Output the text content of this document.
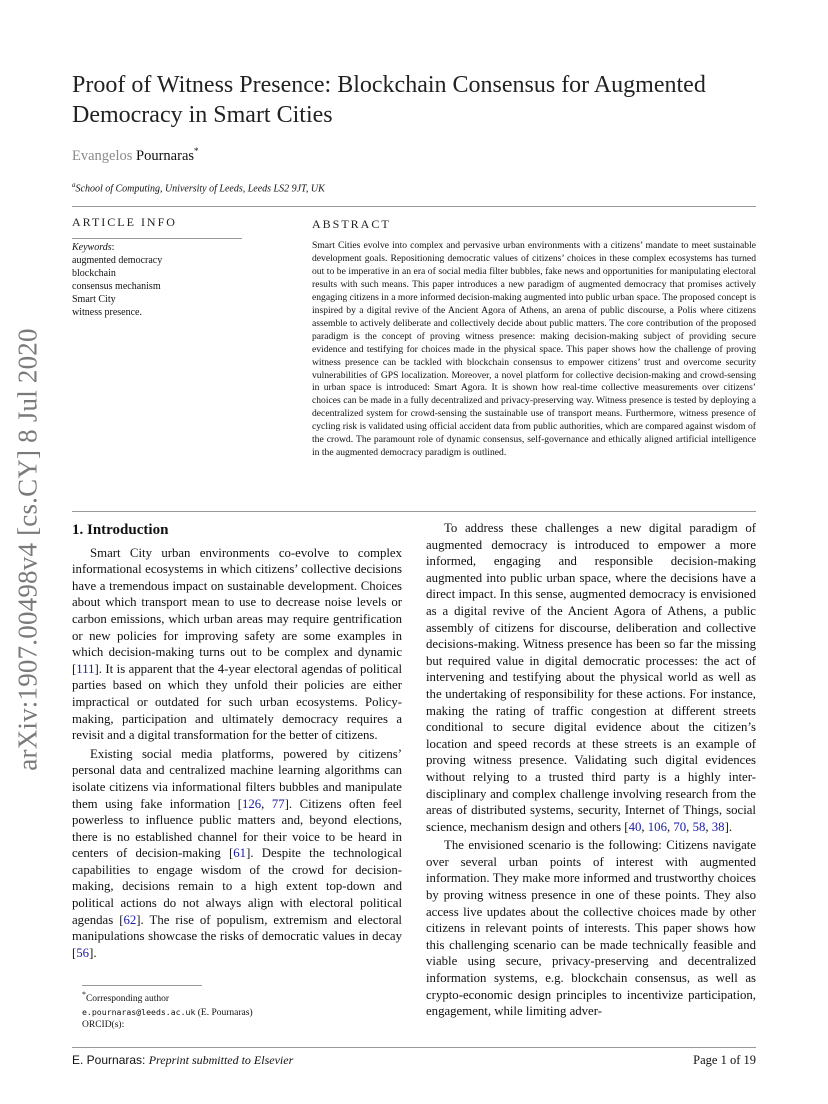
arXiv:1907.00498v4 [cs.CY] 8 Jul 2020
Proof of Witness Presence: Blockchain Consensus for Augmented Democracy in Smart Cities
Evangelos Pournaras*
$^a$School of Computing, University of Leeds, Leeds LS2 9JT, UK
ARTICLE INFO	ABSTRACT
Keywords:
augmented democracy
blockchain
consensus mechanism
Smart City
witness presence.
Smart Cities evolve into complex and pervasive urban environments with a citizens’ mandate to meet sustainable development goals. Repositioning democratic values of citizens’ choices in these complex ecosystems has turned out to be imperative in an era of social media filter bubbles, fake news and opportunities for manipulating electoral results with such means. This paper introduces a new paradigm of augmented democracy that promises actively engaging citizens in a more informed decision-making augmented into public urban space. The proposed concept is inspired by a digital revive of the Ancient Agora of Athens, an arena of public discourse, a Polis where citizens assemble to actively deliberate and collectively decide about public matters. The core contribution of the proposed paradigm is the concept of proving witness presence: making decision-making subject of providing secure evidence and testifying for choices made in the physical space. This paper shows how the challenge of proving witness presence can be tackled with blockchain consensus to empower citizens’ trust and overcome security vulnerabilities of GPS localization. Moreover, a novel platform for collective decision-making and crowd-sensing in urban space is introduced: Smart Agora. It is shown how real-time collective measurements over citizens’ choices can be made in a fully decentralized and privacy-preserving way. Witness presence is tested by deploying a decentralized system for crowd-sensing the sustainable use of transport means. Furthermore, witness presence of cycling risk is validated using official accident data from public authorities, which are compared against wisdom of the crowd. The paramount role of dynamic consensus, self-governance and ethically aligned artificial intelligence in the augmented democracy paradigm is outlined.
1. Introduction

Smart City urban environments co-evolve to complex informational ecosystems in which citizens’ collective decisions have a tremendous impact on sustainable development. Choices about which transport mean to use to decrease noise levels or carbon emissions, which urban areas may require gentrification or new policies for improving safety are some examples in which decision-making turns out to be complex and dynamic [111]. It is apparent that the 4-year electoral agendas of political parties based on which they unfold their policies are either impractical or outdated for such urban ecosystems. Policy-making, participation and ultimately democracy requires a revisit and a digital transformation for the better of citizens.

Existing social media platforms, powered by citizens’ personal data and centralized machine learning algorithms can isolate citizens via informational filters bubbles and manipulate them using fake information [126, 77]. Citizens often feel powerless to influence public matters and, beyond elections, there is no established channel for their voice to be heard in centers of decision-making [61]. Despite the technological capabilities to engage wisdom of the crowd for decision-making, decisions remain to a high extent top-down and political actions do not always align with electoral political agendas [62]. The rise of populism, extremism and electoral manipulations showcase the risks of democratic values in decay [56].

*Corresponding author
e.pournaras@leeds.ac.uk (E. Pournaras)
ORCID(s):

To address these challenges a new digital paradigm of augmented democracy is introduced to empower a more informed, engaging and responsible decision-making augmented into public urban space, where the decisions have a direct impact. In this sense, augmented democracy is envisioned as a digital revive of the Ancient Agora of Athens, a public assembly of citizens for discourse, deliberation and collective decisions-making. Witness presence has been so far the missing but required value in digital democratic processes: the act of intervening and testifying about the physical world as well as the undertaking of responsibility for these actions. For instance, making the rating of traffic congestion at different streets conditional to secure digital evidence about the citizen’s location and speed records at these streets is an example of proving witness presence. Validating such digital evidences without relying to a trusted third party is a highly inter-disciplinary and complex challenge involving research from the areas of distributed systems, security, Internet of Things, social science, mechanism design and others [40, 106, 70, 58, 38].

The envisioned scenario is the following: Citizens navigate over several urban points of interest with augmented information. They make more informed and trustworthy choices by proving witness presence in one of these points. They also access live updates about the collective choices made by other citizens in relevant points of interests. This paper shows how this challenging scenario can be made technically feasible and viable using secure, privacy-preserving and decentralized information systems, e.g. blockchain consensus, as well as crypto-economic design principles to incentivize participation, engagement, while limiting adver-

E. Pournaras: Preprint submitted to Elsevier	Page 1 of 19
